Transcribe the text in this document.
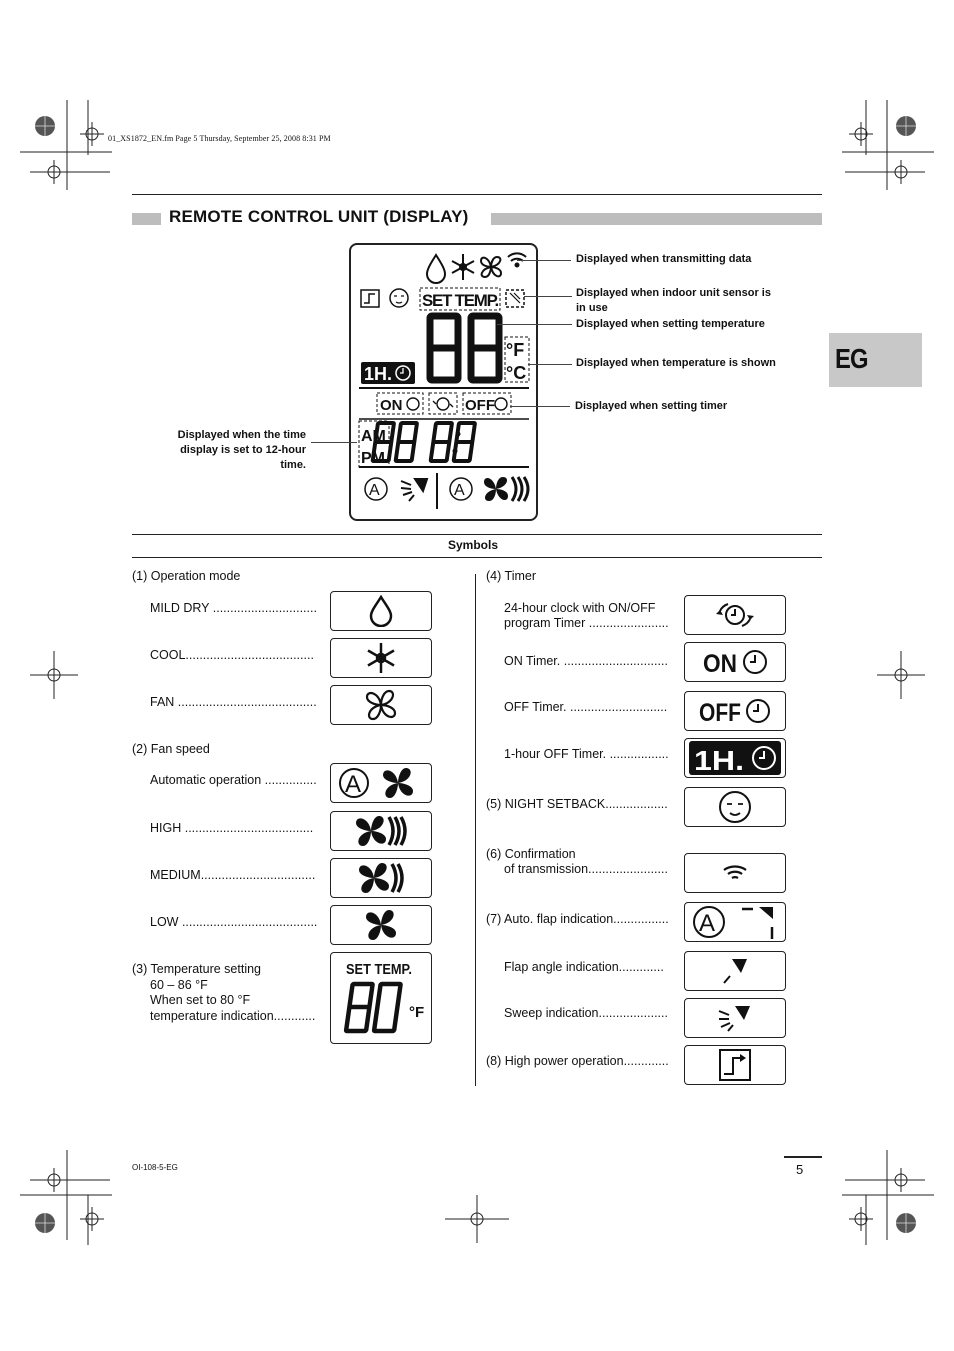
01_XS1872_EN.fm Page 5 Thursday, September 25, 2008 8:31 PM
REMOTE CONTROL UNIT (DISPLAY)
EG
SET TEMP.
°F
°C
1H.
ON	OFF
AM
PM
A	A
Displayed when transmitting data
Displayed when indoor unit sensor is
in use
Displayed when setting temperature
Displayed when temperature is shown
Displayed when setting timer
Displayed when the time
display is set to 12-hour
time.
Symbols
(1) Operation mode
MILD DRY ..............................
COOL.....................................
FAN ........................................
(2) Fan speed
Automatic operation ...............	A
HIGH .....................................
MEDIUM.................................
LOW .......................................
(3) Temperature setting
60 – 86 °F
When set to 80 °F
temperature indication............
SET TEMP.
°F
(4) Timer
24-hour clock with ON/OFF
program Timer .......................
ON Timer. ..............................	ON
OFF Timer. ............................	OFF
1-hour OFF Timer. ................. 1H.
(5) NIGHT SETBACK..................
(6) Confirmation
of transmission.......................
(7) Auto. flap indication................	A
Flap angle indication.............
Sweep indication....................
(8) High power operation.............
OI-108-5-EG	5
